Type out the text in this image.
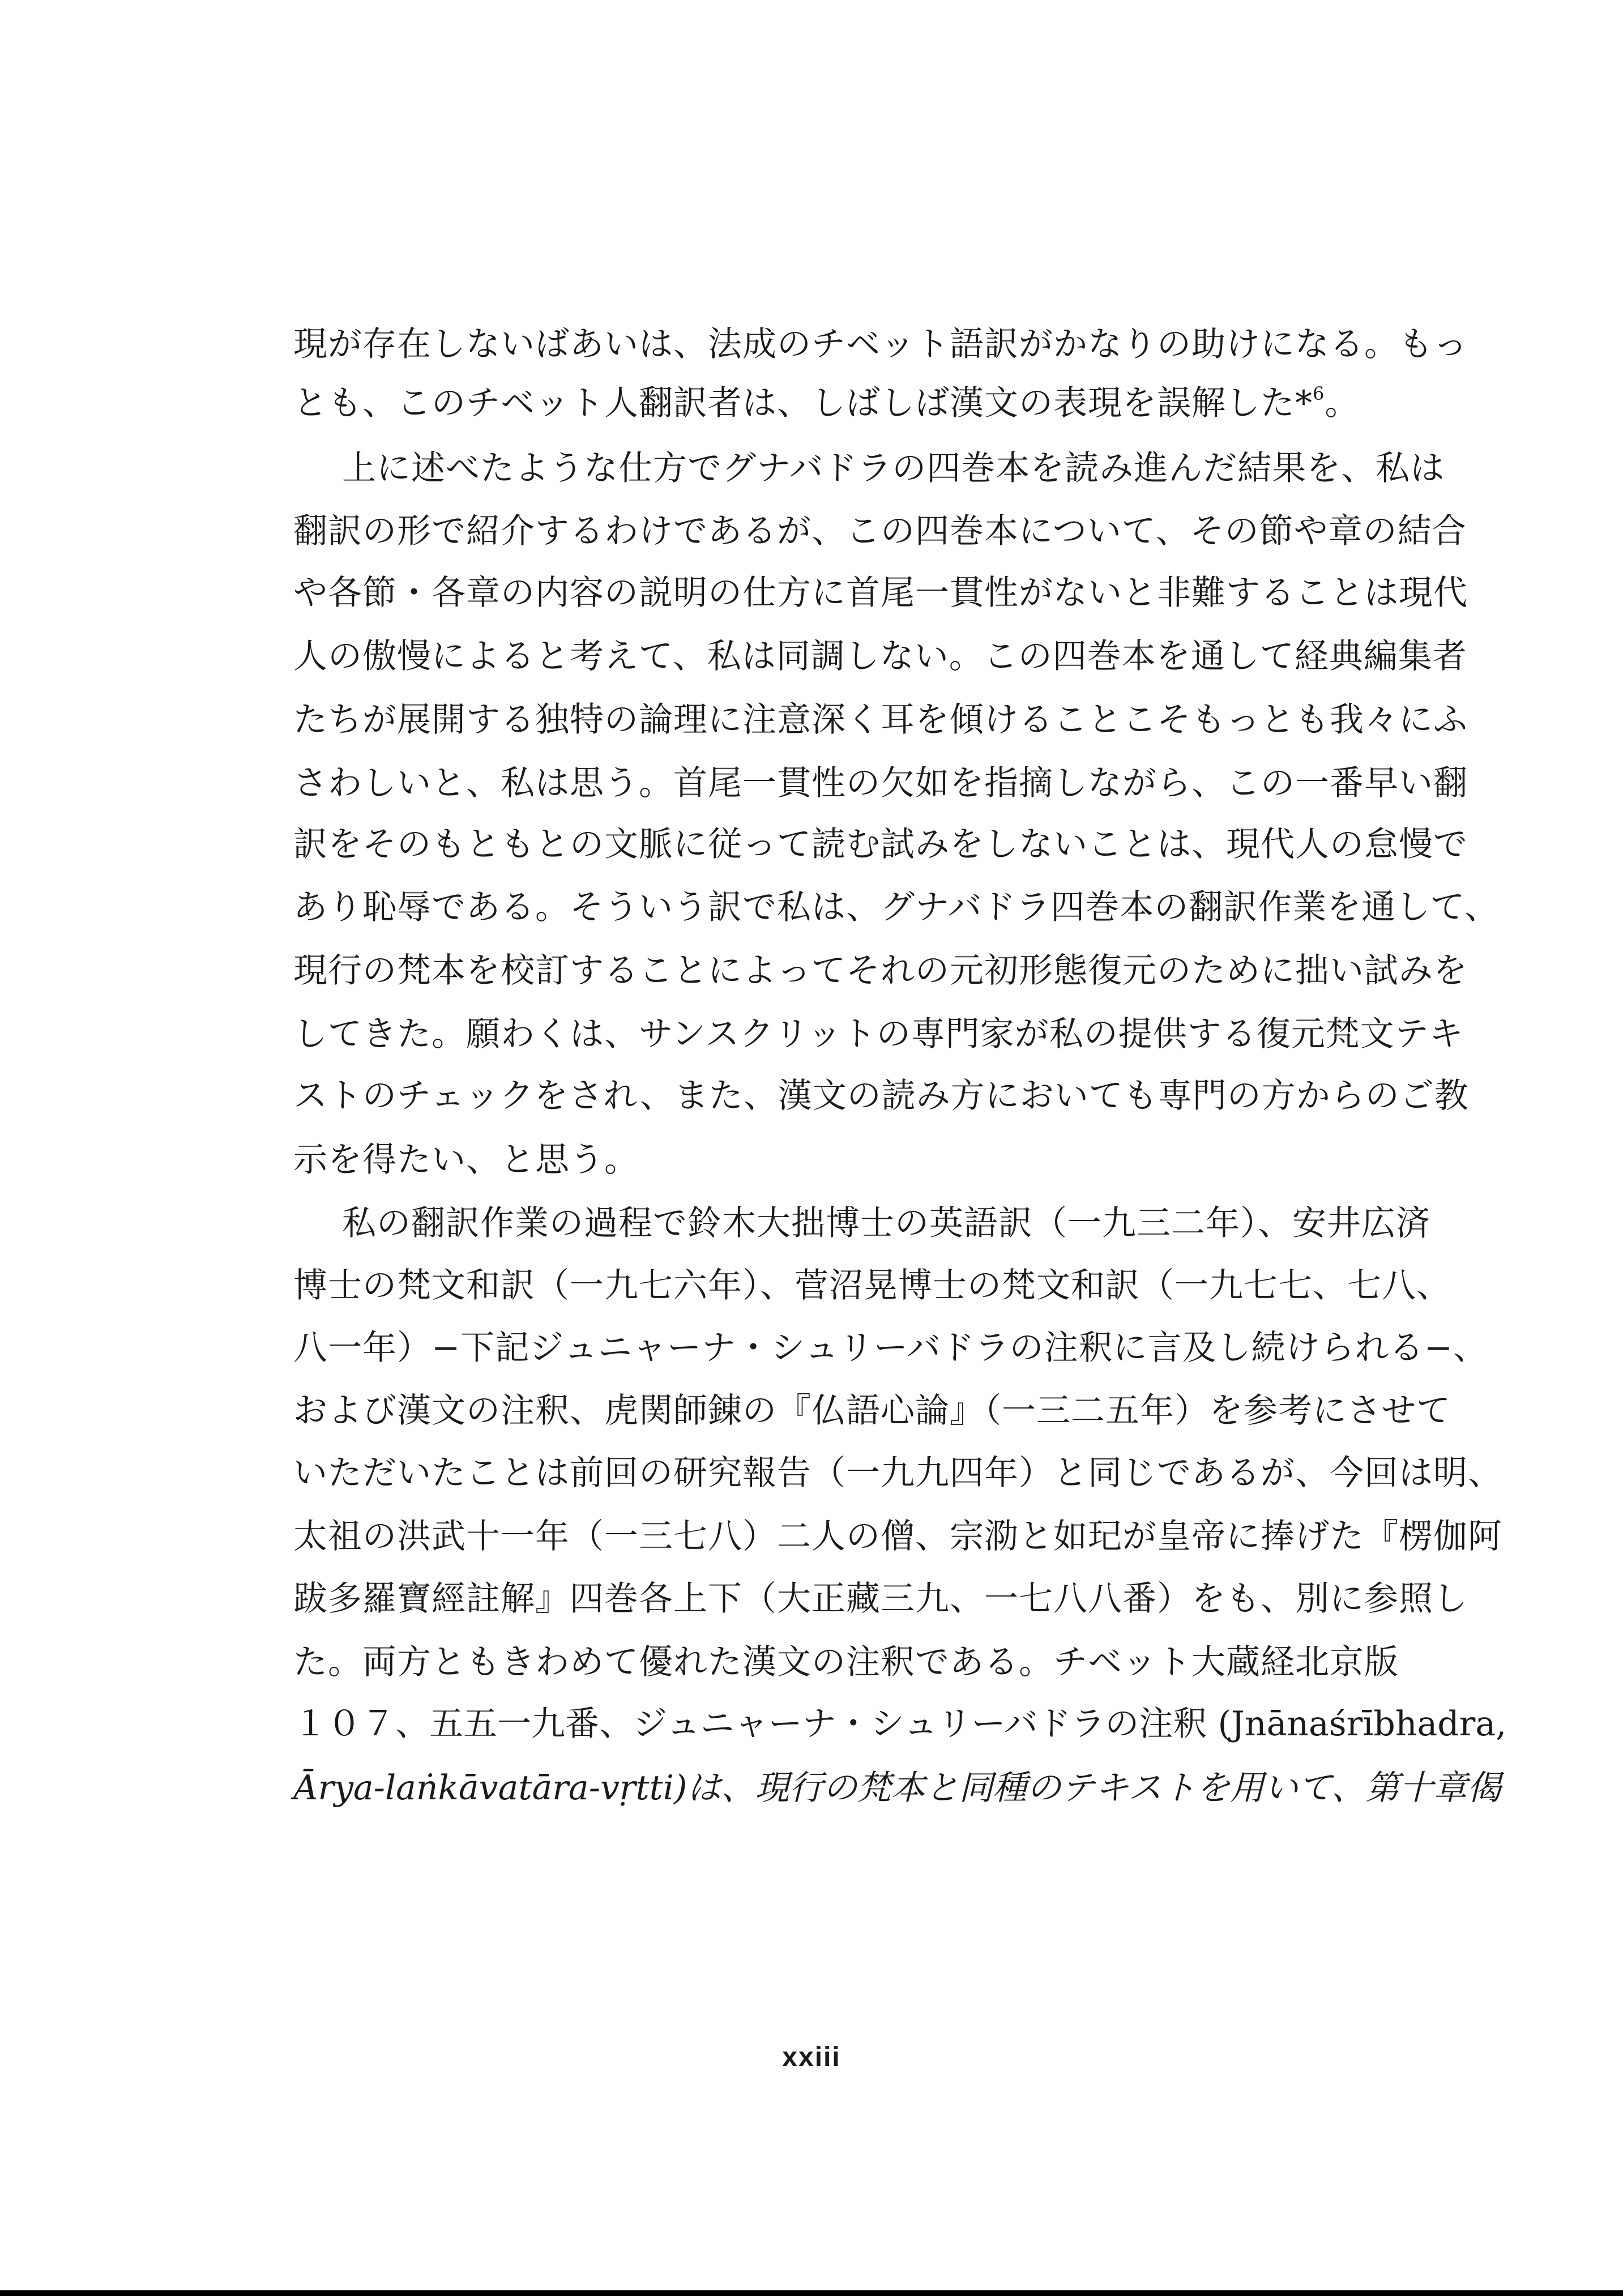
現が存在しないばあいは、法成のチベット語訳がかなりの助けになる。もっ
とも、このチベット人翻訳者は、しばしば漢文の表現を誤解した*$^6$。
上に述べたような仕方でグナバドラの四巻本を読み進んだ結果を、私は
翻訳の形で紹介するわけであるが、この四巻本について、その節や章の結合
や各節・各章の内容の説明の仕方に首尾一貫性がないと非難することは現代
人の傲慢によると考えて、私は同調しない。この四巻本を通して経典編集者
たちが展開する独特の論理に注意深く耳を傾けることこそもっとも我々にふ
さわしいと、私は思う。首尾一貫性の欠如を指摘しながら、この一番早い翻
訳をそのもともとの文脈に従って読む試みをしないことは、現代人の怠慢で
あり恥辱である。そういう訳で私は、グナバドラ四巻本の翻訳作業を通して、
現行の梵本を校訂することによってそれの元初形態復元のために拙い試みを
してきた。願わくは、サンスクリットの専門家が私の提供する復元梵文テキ
ストのチェックをされ、また、漢文の読み方においても専門の方からのご教
示を得たい、と思う。
私の翻訳作業の過程で鈴木大拙博士の英語訳（一九三二年）、安井広済
博士の梵文和訳（一九七六年）、菅沼晃博士の梵文和訳（一九七七、七八、
八一年）−下記ジュニャーナ・シュリーバドラの注釈に言及し続けられる−、
および漢文の注釈、虎関師錬の『仏語心論』（一三二五年）を参考にさせて
いただいたことは前回の研究報告（一九九四年）と同じであるが、今回は明、
太祖の洪武十一年（一三七八）二人の僧、宗泐と如玘が皇帝に捧げた『楞伽阿
跋多羅寶經註解』四巻各上下（大正藏三九、一七八八番）をも、別に参照し
た。両方ともきわめて優れた漢文の注釈である。チベット大蔵経北京版
１０７、五五一九番、ジュニャーナ・シュリーバドラの注釈 (Jnānaśrībhadra,
Ārya-laṅkāvatāra-vṛtti)は、現行の梵本と同種のテキストを用いて、第十章偈
xxiii
